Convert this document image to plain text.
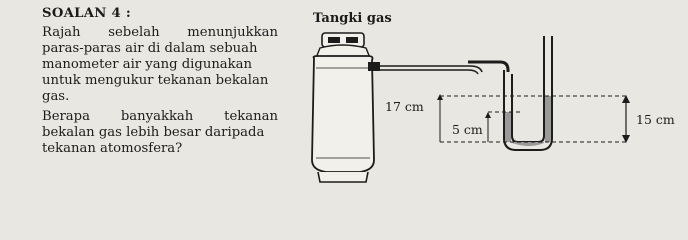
SOALAN 4 :
Rajah sebelah menunjukkan
paras-paras air di dalam sebuah
manometer air yang digunakan
untuk mengukur tekanan bekalan
gas.
Berapa banyakkah tekanan
bekalan gas lebih besar daripada
tekanan atomosfera?
Tangki gas
17 cm
5 cm
15 cm
